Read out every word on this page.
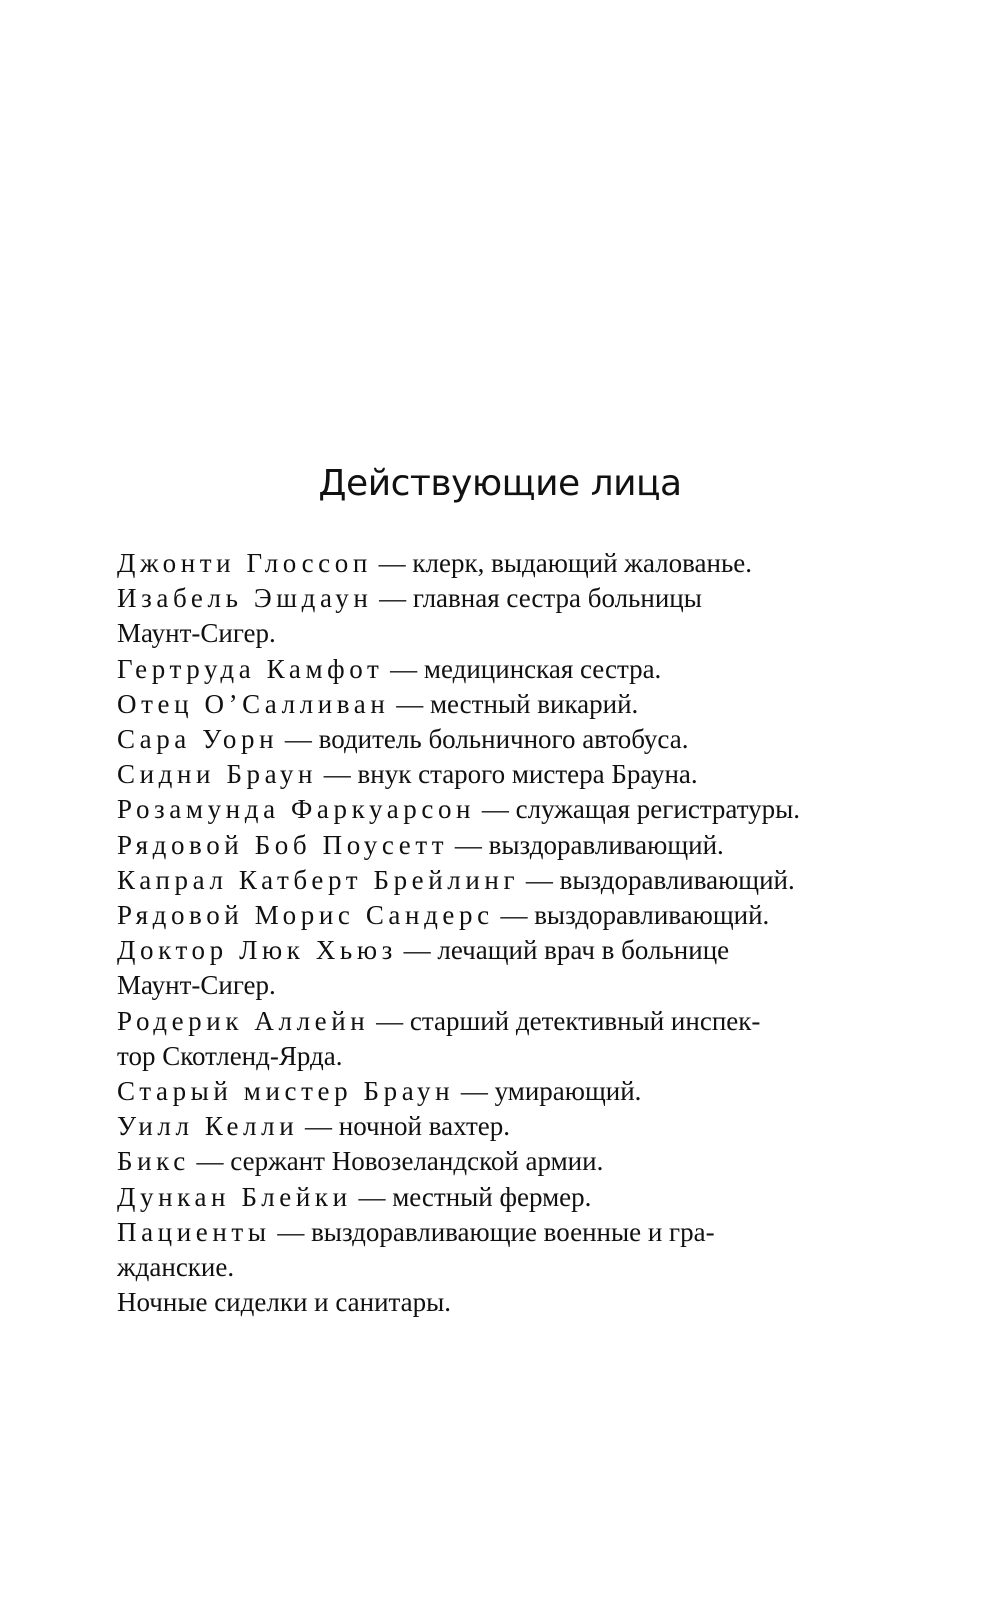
Действующие лица
Джонти Глоссоп — клерк, выдающий жалованье.
Изабель Эшдаун — главная сестра больницы
Маунт-Сигер.
Гертруда Камфот — медицинская сестра.
Отец О’Салливан — местный викарий.
Сара Уорн — водитель больничного автобуса.
Сидни Браун — внук старого мистера Брауна.
Розамунда Фаркуарсон — служащая регистратуры.
Рядовой Боб Поусетт — выздоравливающий.
Капрал Катберт Брейлинг — выздоравливающий.
Рядовой Морис Сандерс — выздоравливающий.
Доктор Люк Хьюз — лечащий врач в больнице
Маунт-Сигер.
Родерик Аллейн — старший детективный инспек-
тор Скотленд-Ярда.
Старый мистер Браун — умирающий.
Уилл Келли — ночной вахтер.
Бикс — сержант Новозеландской армии.
Дункан Блейки — местный фермер.
Пациенты — выздоравливающие военные и гра-
жданские.
Ночные сиделки и санитары.
